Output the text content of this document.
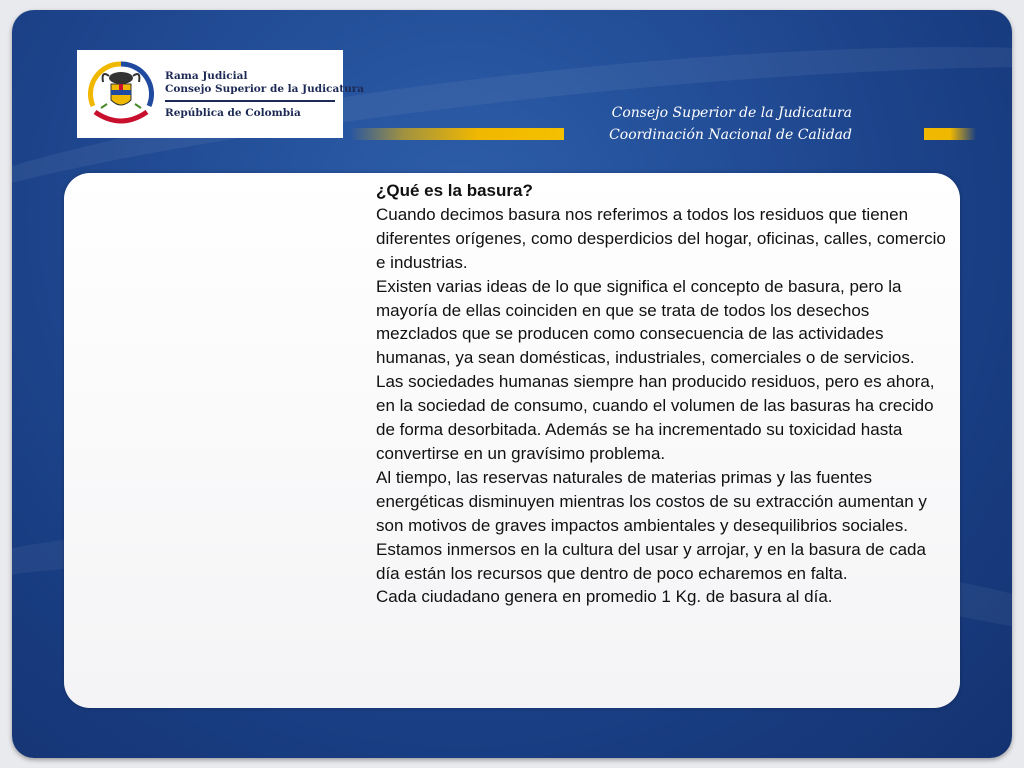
Rama Judicial
Consejo Superior de la Judicatura
República de Colombia	Consejo Superior de la Judicatura
Coordinación Nacional de Calidad

¿Qué es la basura?

Cuando decimos basura nos referimos a todos los residuos que tienen diferentes orígenes, como desperdicios del hogar, oficinas, calles, comercio e industrias.

Existen varias ideas de lo que significa el concepto de basura, pero la mayoría de ellas coinciden en que se trata de todos los desechos mezclados que se producen como consecuencia de las actividades humanas, ya sean domésticas, industriales, comerciales o de servicios.

Las sociedades humanas siempre han producido residuos, pero es ahora, en la sociedad de consumo, cuando el volumen de las basuras ha crecido de forma desorbitada. Además se ha incrementado su toxicidad hasta convertirse en un gravísimo problema.

Al tiempo, las reservas naturales de materias primas y las fuentes energéticas disminuyen mientras los costos de su extracción aumentan y son motivos de graves impactos ambientales y desequilibrios sociales. Estamos inmersos en la cultura del usar y arrojar, y en la basura de cada día están los recursos que dentro de poco echaremos en falta.

Cada ciudadano genera en promedio 1 Kg. de basura al día.
